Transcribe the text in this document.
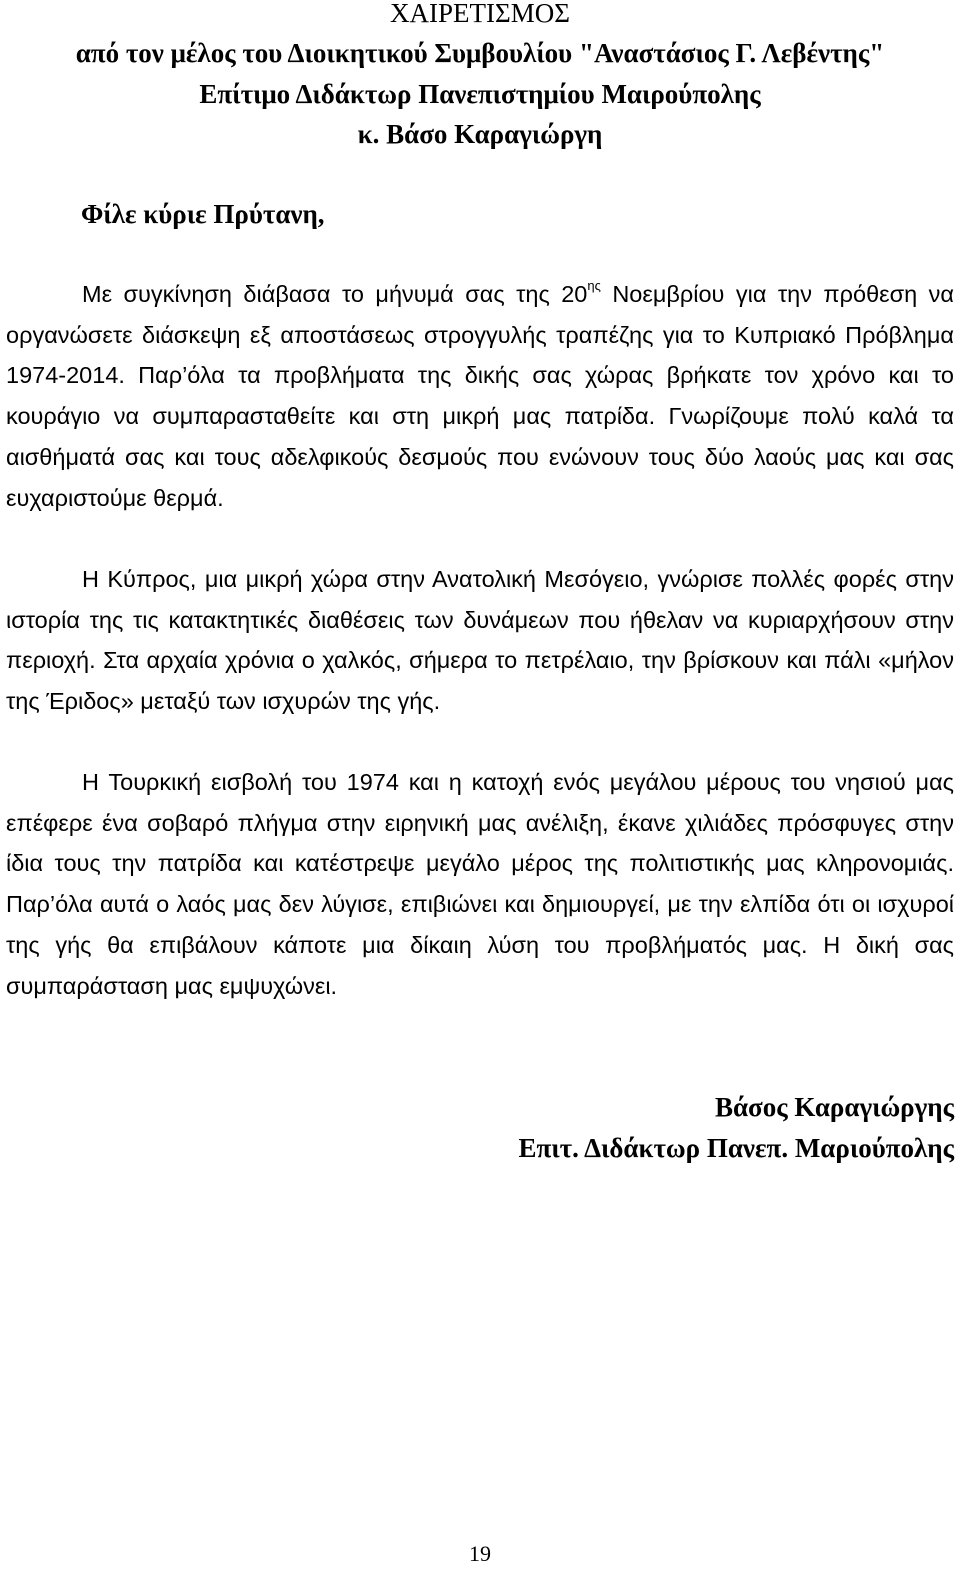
ΧΑΙΡΕΤΙΣΜΟΣ
από τον μέλος του Διοικητικού Συμβουλίου "Αναστάσιος Γ. Λεβέντης"
Επίτιμο Διδάκτωρ Πανεπιστημίου Μαιρούπολης
κ. Βάσο Καραγιώργη
Φίλε κύριε Πρύτανη,

Με συγκίνηση διάβασα το μήνυμά σας της $20^{\eta\varsigma}$ Νοεμβρίου για την πρόθεση να οργανώσετε διάσκεψη εξ αποστάσεως στρογγυλής τραπέζης για το Κυπριακό Πρόβλημα 1974-2014. Παρ’όλα τα προβλήματα της δικής σας χώρας βρήκατε τον χρόνο και το κουράγιο να συμπαρασταθείτε και στη μικρή μας πατρίδα. Γνωρίζουμε πολύ καλά τα αισθήματά σας και τους αδελφικούς δεσμούς που ενώνουν τους δύο λαούς μας και σας ευχαριστούμε θερμά.

Η Κύπρος, μια μικρή χώρα στην Ανατολική Μεσόγειο, γνώρισε πολλές φορές στην ιστορία της τις κατακτητικές διαθέσεις των δυνάμεων που ήθελαν να κυριαρχήσουν στην περιοχή. Στα αρχαία χρόνια ο χαλκός, σήμερα το πετρέλαιο, την βρίσκουν και πάλι «μήλον της Έριδος» μεταξύ των ισχυρών της γής.

Η Τουρκική εισβολή του 1974 και η κατοχή ενός μεγάλου μέρους του νησιού μας επέφερε ένα σοβαρό πλήγμα στην ειρηνική μας ανέλιξη, έκανε χιλιάδες πρόσφυγες στην ίδια τους την πατρίδα και κατέστρεψε μεγάλο μέρος της πολιτιστικής μας κληρονομιάς. Παρ’όλα αυτά ο λαός μας δεν λύγισε, επιβιώνει και δημιουργεί, με την ελπίδα ότι οι ισχυροί της γής θα επιβάλουν κάποτε μια δίκαιη λύση του προβλήματός μας. Η δική σας συμπαράσταση μας εμψυχώνει.

Βάσος Καραγιώργης
Επιτ. Διδάκτωρ Πανεπ. Μαριούπολης
19
